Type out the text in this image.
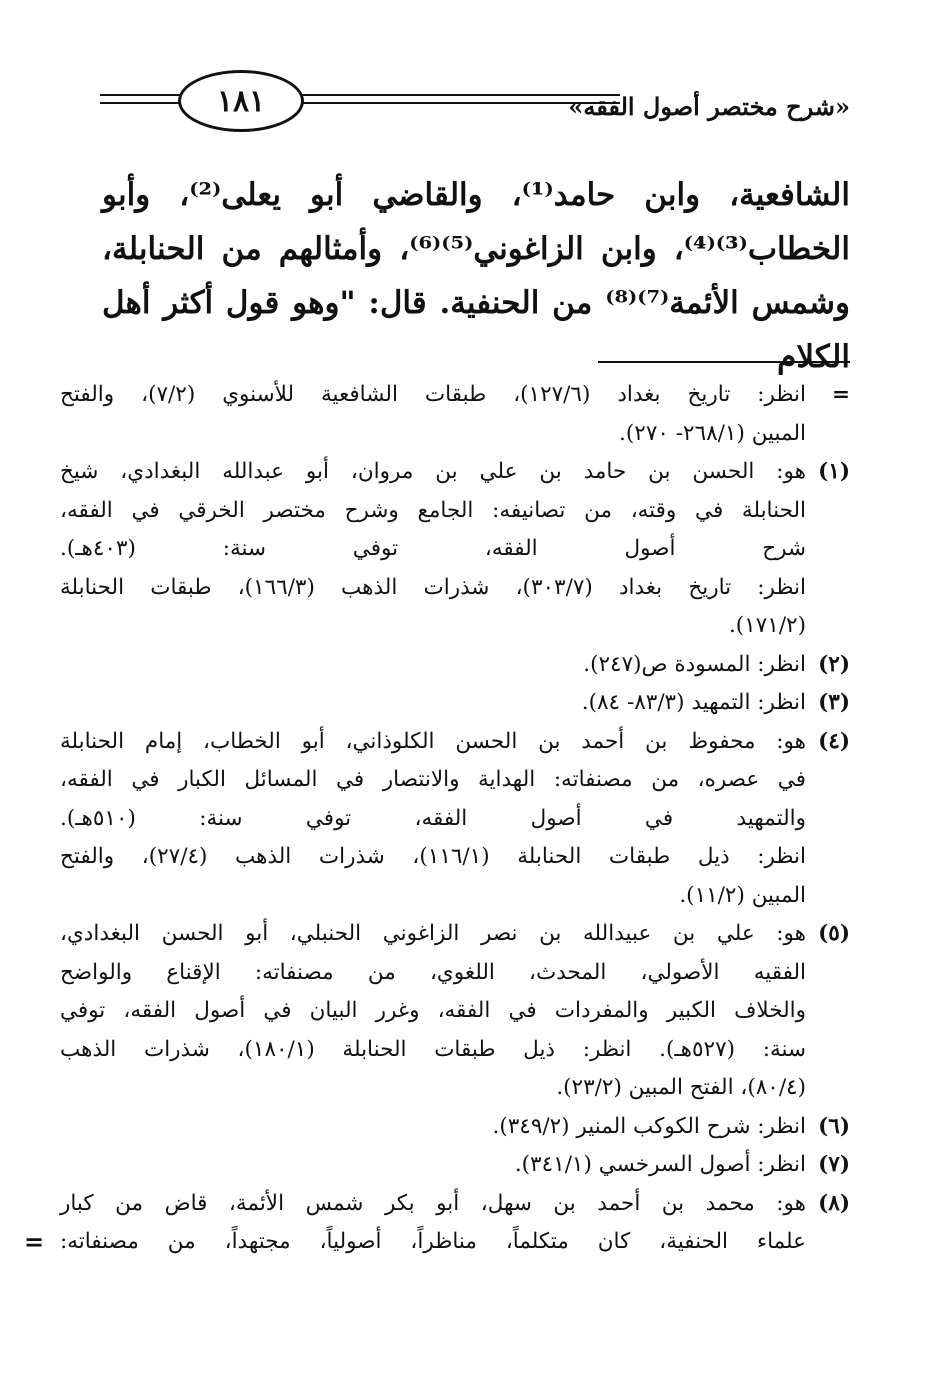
١٨١	«شرح مختصر أصول الفقه»

الشافعية، وابن حامد⁽¹⁾، والقاضي أبو يعلى⁽²⁾، وأبو

الخطاب⁽³⁾⁽⁴⁾، وابن الزاغوني⁽⁵⁾⁽⁶⁾، وأمثالهم من الحنابلة،

وشمس الأئمة⁽⁷⁾⁽⁸⁾ من الحنفية. قال: "وهو قول أكثر أهل الكلام

=
انظر: تاريخ بغداد (١٢٧/٦)، طبقات الشافعية للأسنوي (٧/٢)، والفتح
المبين (٢٦٨/١- ٢٧٠).
(١)
هو: الحسن بن حامد بن علي بن مروان، أبو عبدالله البغدادي، شيخ
الحنابلة في وقته، من تصانيفه: الجامع وشرح مختصر الخرقي في الفقه،
شرح أصول الفقه، توفي سنة: (٤٠٣هـ).
انظر: تاريخ بغداد (٣٠٣/٧)، شذرات الذهب (١٦٦/٣)، طبقات الحنابلة
(١٧١/٢).
(٢)
انظر: المسودة ص(٢٤٧).
(٣)
انظر: التمهيد (٨٣/٣- ٨٤).
(٤)
هو: محفوظ بن أحمد بن الحسن الكلوذاني، أبو الخطاب، إمام الحنابلة
في عصره، من مصنفاته: الهداية والانتصار في المسائل الكبار في الفقه،
والتمهيد في أصول الفقه، توفي سنة: (٥١٠هـ).
انظر: ذيل طبقات الحنابلة (١١٦/١)، شذرات الذهب (٢٧/٤)، والفتح
المبين (١١/٢).
(٥)
هو: علي بن عبيدالله بن نصر الزاغوني الحنبلي، أبو الحسن البغدادي،
الفقيه الأصولي، المحدث، اللغوي، من مصنفاته: الإقناع والواضح
والخلاف الكبير والمفردات في الفقه، وغرر البيان في أصول الفقه، توفي
سنة: (٥٢٧هـ). انظر: ذيل طبقات الحنابلة (١٨٠/١)، شذرات الذهب
(٨٠/٤)، الفتح المبين (٢٣/٢).
(٦)
انظر: شرح الكوكب المنير (٣٤٩/٢).
(٧)
انظر: أصول السرخسي (٣٤١/١).
(٨)
هو: محمد بن أحمد بن سهل، أبو بكر شمس الأئمة، قاض من كبار
علماء الحنفية، كان متكلماً، مناظراً، أصولياً، مجتهداً، من مصنفاته:
=
